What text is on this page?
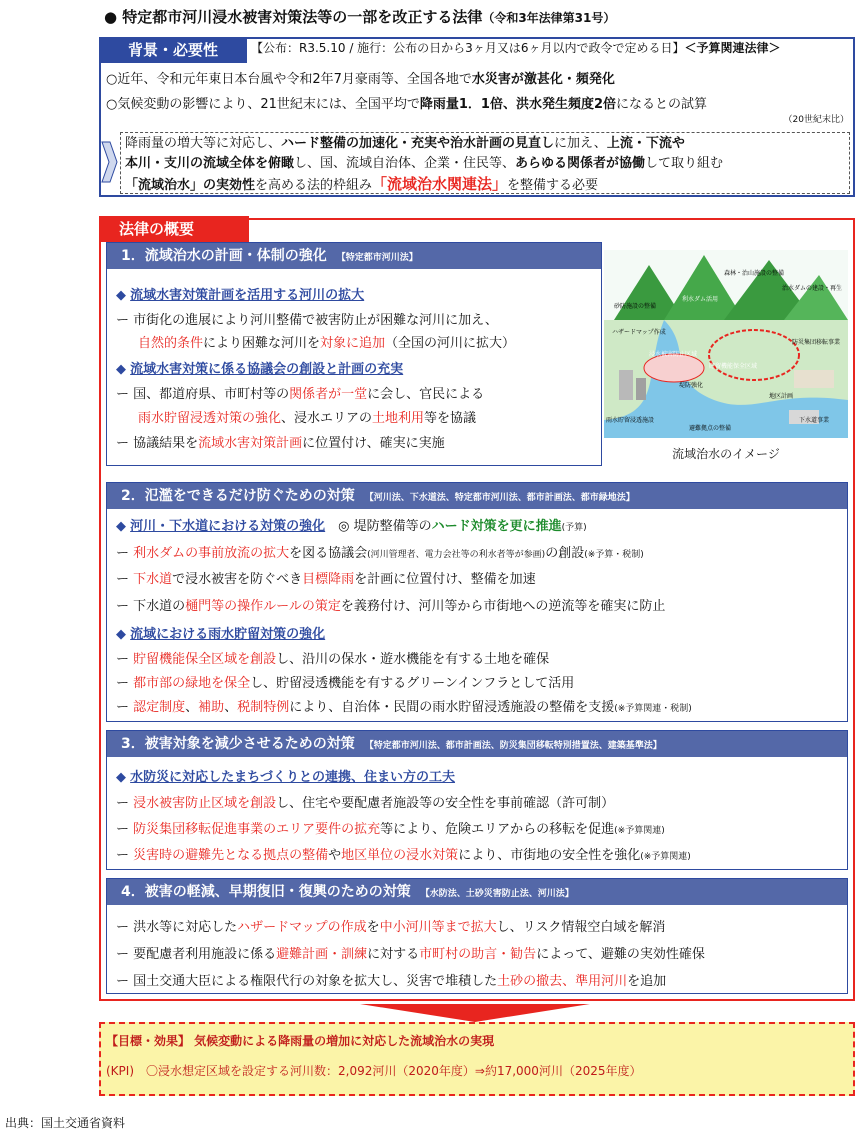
● 特定都市河川浸水被害対策法等の一部を改正する法律（令和3年法律第31号）
背景・必要性	【公布：R3.5.10 / 施行：公布の日から3ヶ月又は6ヶ月以内で政令で定める日】＜予算関連法律＞
○近年、令和元年東日本台風や令和2年7月豪雨等、全国各地で水災害が激甚化・頻発化
○気候変動の影響により、21世紀末には、全国平均で降雨量1．1倍、洪水発生頻度2倍になるとの試算
（20世紀末比）
降雨量の増大等に対応し、ハード整備の加速化・充実や治水計画の見直しに加え、上流・下流や
本川・支川の流域全体を俯瞰し、国、流域自治体、企業・住民等、あらゆる関係者が協働して取り組む
「流域治水」の実効性を高める法的枠組み「流域治水関連法」を整備する必要
法律の概要
1．流域治水の計画・体制の強化 【特定都市河川法】
◆ 流域水害対策計画を活用する河川の拡大
ー 市街化の進展により河川整備で被害防止が困難な河川に加え、
自然的条件により困難な河川を対象に追加（全国の河川に拡大）
◆ 流域水害対策に係る協議会の創設と計画の充実
ー 国、都道府県、市町村等の関係者が一堂に会し、官民による
雨水貯留浸透対策の強化、浸水エリアの土地利用等を協議
ー 協議結果を流域水害対策計画に位置付け、確実に実施
森林・治山施設の整備
砂防施設の整備
利水ダム活用
治水ダムの建設・再生
ハザードマップ作成
浸水被害防止区域
貯留機能保全区域
防災集団移転事業
堤防強化
地区計画
雨水貯留浸透施設
避難拠点の整備
下水道事業
流域治水のイメージ
2．氾濫をできるだけ防ぐための対策 【河川法、下水道法、特定都市河川法、都市計画法、都市緑地法】
◆ 河川・下水道における対策の強化　 ◎ 堤防整備等のハード対策を更に推進(予算)
ー 利水ダムの事前放流の拡大を図る協議会(河川管理者、電力会社等の利水者等が参画)の創設(※予算・税制)
ー 下水道で浸水被害を防ぐべき目標降雨を計画に位置付け、整備を加速
ー 下水道の樋門等の操作ルールの策定を義務付け、河川等から市街地への逆流等を確実に防止
◆ 流域における雨水貯留対策の強化
ー 貯留機能保全区域を創設し、沿川の保水・遊水機能を有する土地を確保
ー 都市部の緑地を保全し、貯留浸透機能を有するグリーンインフラとして活用
ー 認定制度、補助、税制特例により、自治体・民間の雨水貯留浸透施設の整備を支援(※予算関連・税制)
3．被害対象を減少させるための対策 【特定都市河川法、都市計画法、防災集団移転特別措置法、建築基準法】
◆ 水防災に対応したまちづくりとの連携、住まい方の工夫
ー 浸水被害防止区域を創設し、住宅や要配慮者施設等の安全性を事前確認（許可制）
ー 防災集団移転促進事業のエリア要件の拡充等により、危険エリアからの移転を促進(※予算関連)
ー 災害時の避難先となる拠点の整備や地区単位の浸水対策により、市街地の安全性を強化(※予算関連)
4．被害の軽減、早期復旧・復興のための対策 【水防法、土砂災害防止法、河川法】
ー 洪水等に対応したハザードマップの作成を中小河川等まで拡大し、リスク情報空白域を解消
ー 要配慮者利用施設に係る避難計画・訓練に対する市町村の助言・勧告によって、避難の実効性確保
ー 国土交通大臣による権限代行の対象を拡大し、災害で堆積した土砂の撤去、準用河川を追加
【目標・効果】 気候変動による降雨量の増加に対応した流域治水の実現
(KPI)　〇浸水想定区域を設定する河川数：2,092河川（2020年度）⇒約17,000河川（2025年度）
出典：国土交通省資料
